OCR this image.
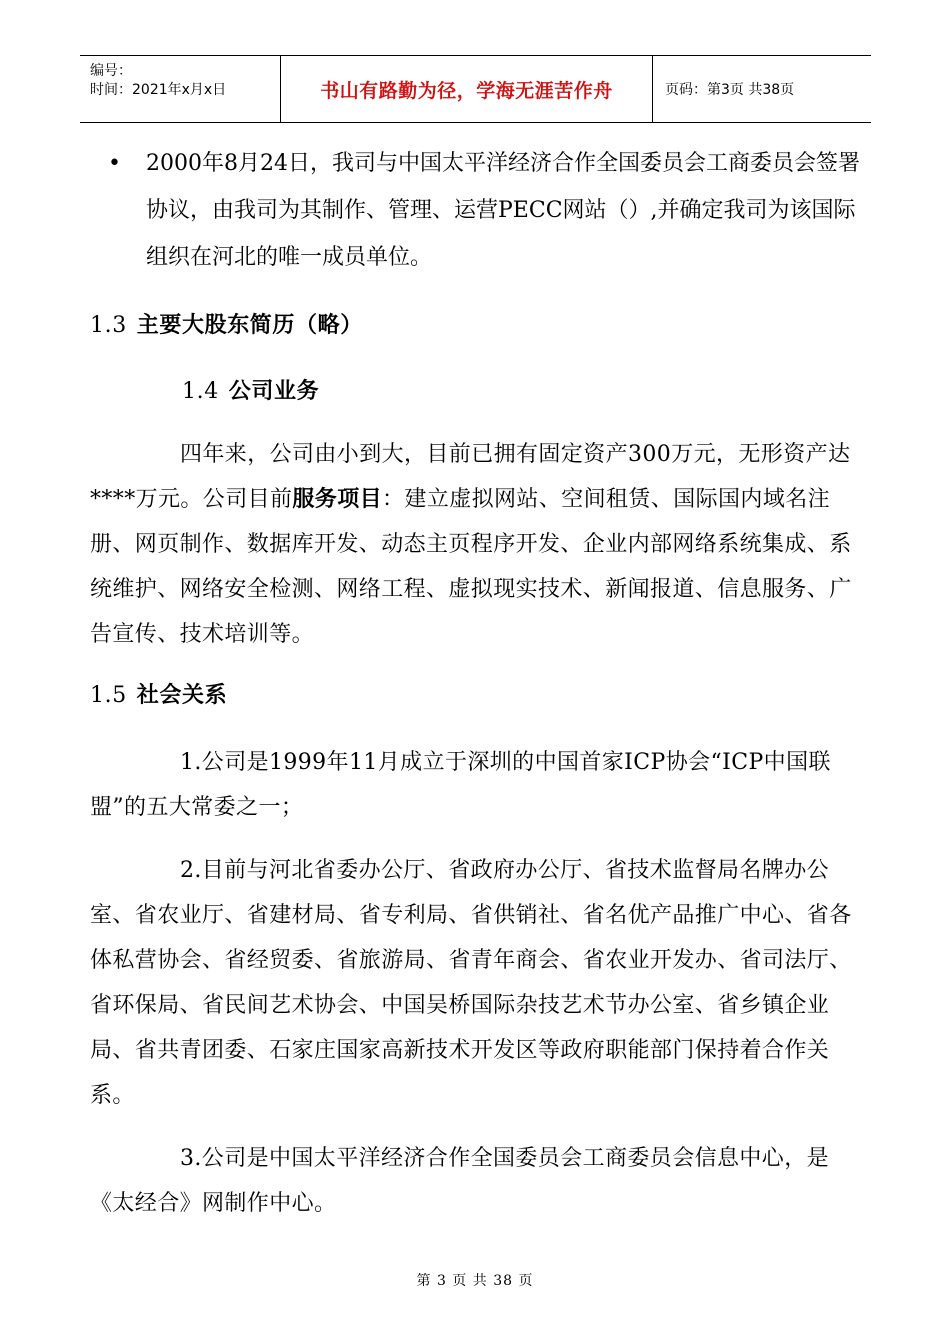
编号：
时间：2021年x月x日	书山有路勤为径，学海无涯苦作舟	页码：第3页 共38页
•	2000年8月24日，我司与中国太平洋经济合作全国委员会工商委员会签署协议，由我司为其制作、管理、运营PECC网站（）,并确定我司为该国际组织在河北的唯一成员单位。
1.3 主要大股东简历（略）
1.4 公司业务

四年来，公司由小到大，目前已拥有固定资产300万元，无形资产达****万元。公司目前服务项目：建立虚拟网站、空间租赁、国际国内域名注册、网页制作、数据库开发、动态主页程序开发、企业内部网络系统集成、系统维护、网络安全检测、网络工程、虚拟现实技术、新闻报道、信息服务、广告宣传、技术培训等。

1.5 社会关系

1.公司是1999年11月成立于深圳的中国首家ICP协会“ICP中国联盟”的五大常委之一；

2.目前与河北省委办公厅、省政府办公厅、省技术监督局名牌办公室、省农业厅、省建材局、省专利局、省供销社、省名优产品推广中心、省各体私营协会、省经贸委、省旅游局、省青年商会、省农业开发办、省司法厅、省环保局、省民间艺术协会、中国吴桥国际杂技艺术节办公室、省乡镇企业局、省共青团委、石家庄国家高新技术开发区等政府职能部门保持着合作关系。

3.公司是中国太平洋经济合作全国委员会工商委员会信息中心，是《太经合》网制作中心。

第 3 页 共 38 页
